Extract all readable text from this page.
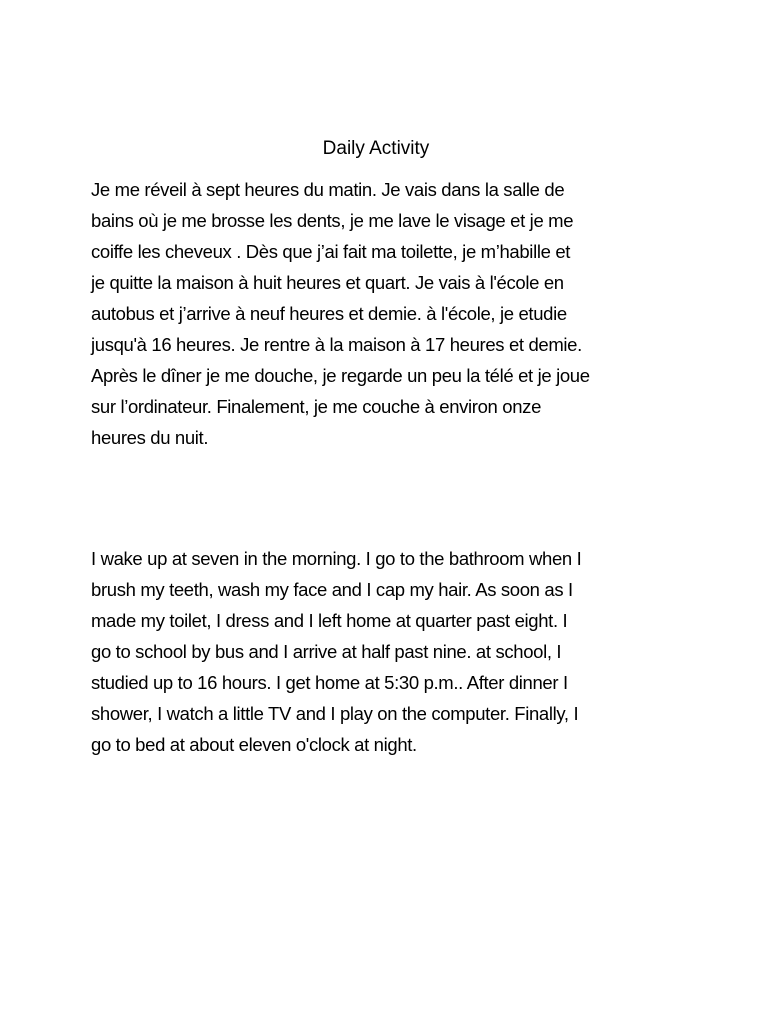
Daily Activity
Je me réveil à sept heures du matin. Je vais dans la salle de
bains où je me brosse les dents, je me lave le visage et je me
coiffe les cheveux . Dès que j’ai fait ma toilette, je m’habille et
je quitte la maison à huit heures et quart. Je vais à l'école en
autobus et j’arrive à neuf heures et demie. à l'école, je etudie
jusqu'à 16 heures. Je rentre à la maison à 17 heures et demie.
Après le dîner je me douche, je regarde un peu la télé et je joue
sur l’ordinateur. Finalement, je me couche à environ onze
heures du nuit.
I wake up at seven in the morning. I go to the bathroom when I
brush my teeth, wash my face and I cap my hair. As soon as I
made my toilet, I dress and I left home at quarter past eight. I
go to school by bus and I arrive at half past nine. at school, I
studied up to 16 hours. I get home at 5:30 p.m.. After dinner I
shower, I watch a little TV and I play on the computer. Finally, I
go to bed at about eleven o'clock at night.
